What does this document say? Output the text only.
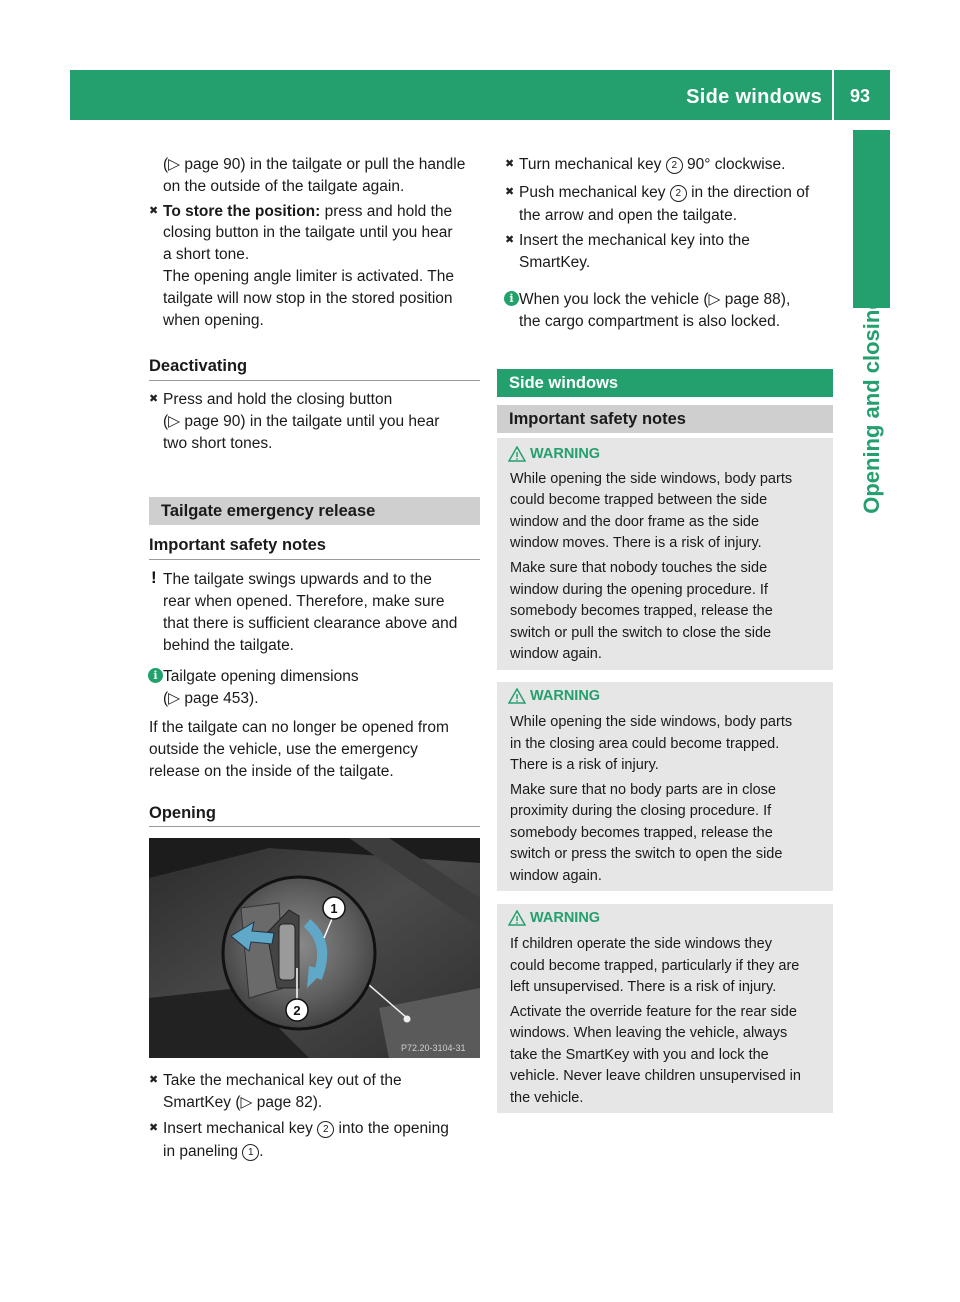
Side windows	93
Opening and closing

(▷ page 90) in the tailgate or pull the handle

on the outside of the tailgate again.

✖ To store the position: press and hold the

closing button in the tailgate until you hear

a short tone.

The opening angle limiter is activated. The

tailgate will now stop in the stored position

when opening.

Deactivating
✖ Press and hold the closing button

(▷ page 90) in the tailgate until you hear

two short tones.

Tailgate emergency release
Important safety notes
! The tailgate swings upwards and to the

rear when opened. Therefore, make sure

that there is sufficient clearance above and

behind the tailgate.

i Tailgate opening dimensions

(▷ page 453).

If the tailgate can no longer be opened from

outside the vehicle, use the emergency

release on the inside of the tailgate.

Opening
1
2
P72.20-3104-31
✖ Take the mechanical key out of the

SmartKey (▷ page 82).

✖ Insert mechanical key 2 into the opening

in paneling 1 .

✖ Turn mechanical key 2 90° clockwise.

✖ Push mechanical key 2 in the direction of

the arrow and open the tailgate.

✖ Insert the mechanical key into the

SmartKey.

i When you lock the vehicle (▷ page 88),

the cargo compartment is also locked.

Side windows
Important safety notes
WARNING

While opening the side windows, body parts

could become trapped between the side

window and the door frame as the side

window moves. There is a risk of injury.

Make sure that nobody touches the side

window during the opening procedure. If

somebody becomes trapped, release the

switch or pull the switch to close the side

window again.

WARNING

While opening the side windows, body parts

in the closing area could become trapped.

There is a risk of injury.

Make sure that no body parts are in close

proximity during the closing procedure. If

somebody becomes trapped, release the

switch or press the switch to open the side

window again.

WARNING

If children operate the side windows they

could become trapped, particularly if they are

left unsupervised. There is a risk of injury.

Activate the override feature for the rear side

windows. When leaving the vehicle, always

take the SmartKey with you and lock the

vehicle. Never leave children unsupervised in

the vehicle.
